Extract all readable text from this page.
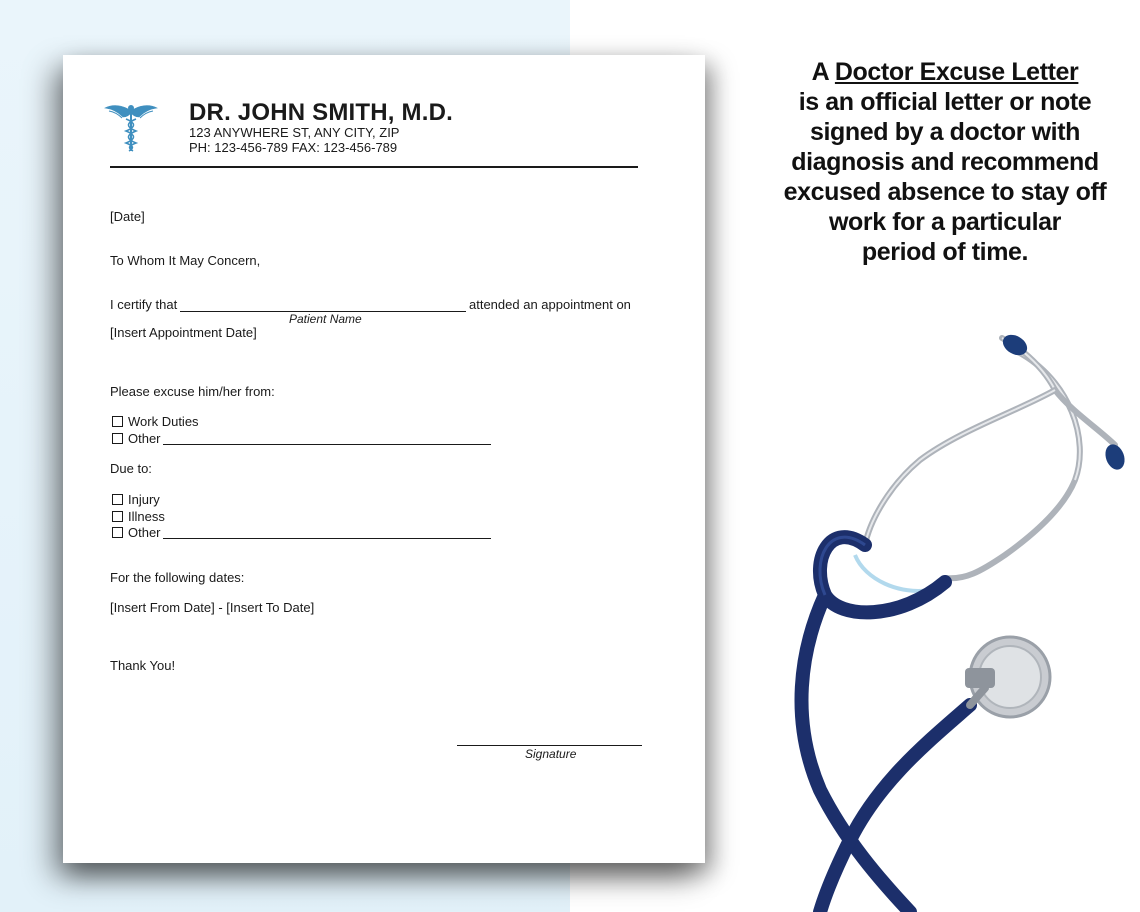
DR. JOHN SMITH, M.D.
123 ANYWHERE ST, ANY CITY, ZIP
PH: 123-456-789 FAX: 123-456-789
[Date]
To Whom It May Concern,
I certify that	attended an appointment on
Patient Name
[Insert Appointment Date]
Please excuse him/her from:
Work Duties
Other
Due to:
Injury
Illness
Other
For the following dates:
[Insert From Date] - [Insert To Date]
Thank You!
Signature
A Doctor Excuse Letter
is an official letter or note
signed by a doctor with
diagnosis and recommend
excused absence to stay off
work for a particular
period of time.
